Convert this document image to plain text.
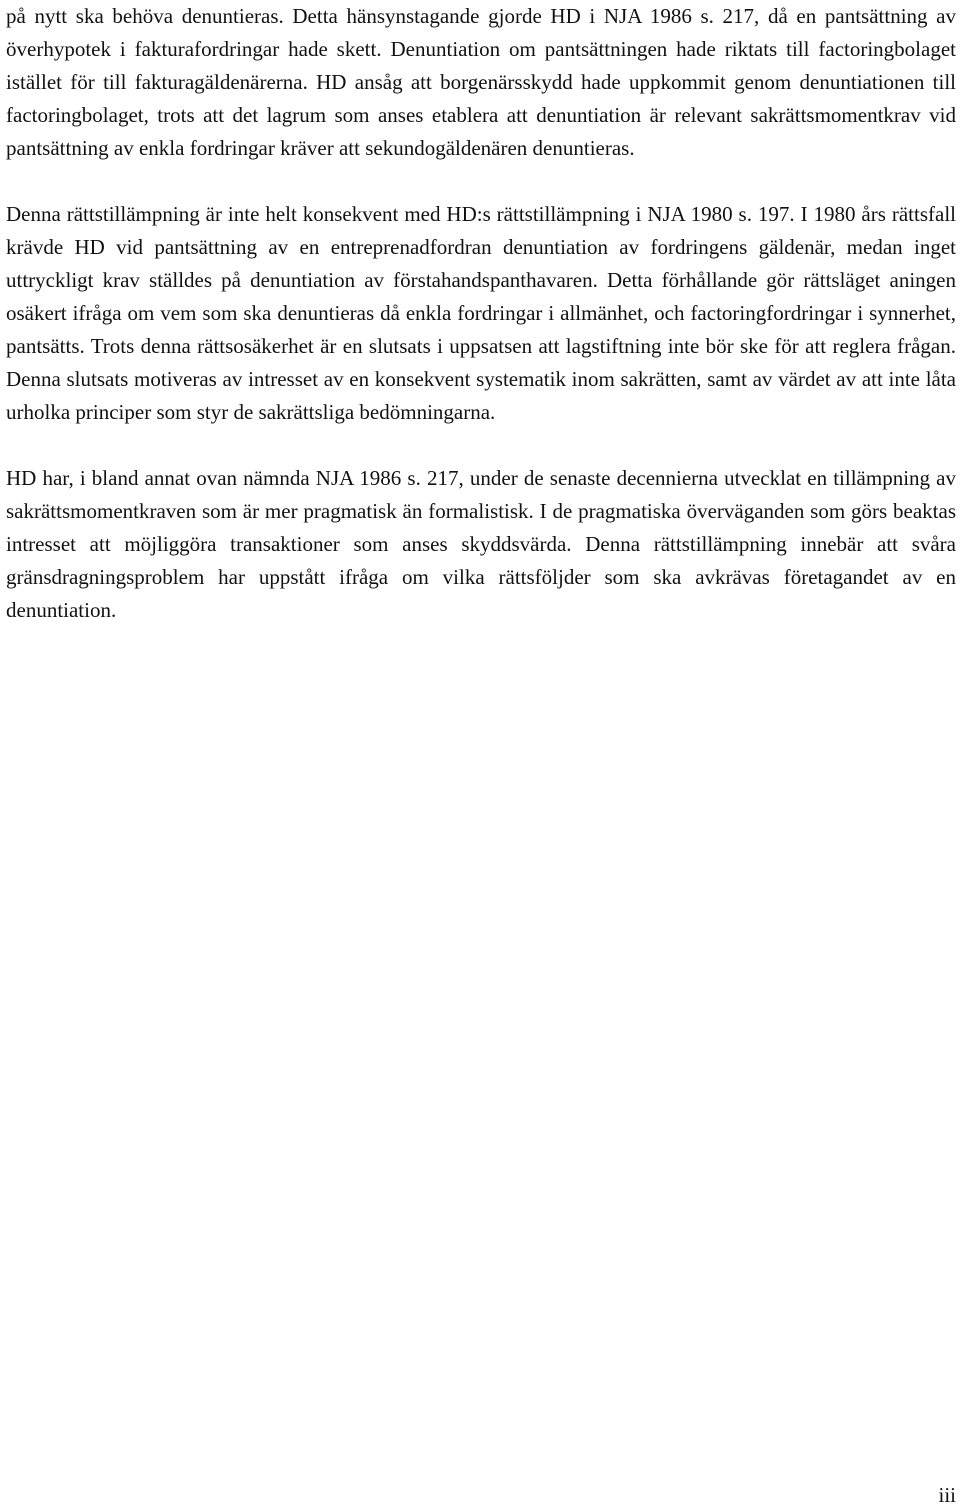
på nytt ska behöva denuntieras. Detta hänsynstagande gjorde HD i NJA 1986 s. 217, då en pantsättning av överhypotek i fakturafordringar hade skett. Denuntiation om pantsättningen hade riktats till factoringbolaget istället för till fakturagäldenärerna. HD ansåg att borgenärsskydd hade uppkommit genom denuntiationen till factoringbolaget, trots att det lagrum som anses etablera att denuntiation är relevant sakrättsmomentkrav vid pantsättning av enkla fordringar kräver att sekundogäldenären denuntieras.

Denna rättstillämpning är inte helt konsekvent med HD:s rättstillämpning i NJA 1980 s. 197. I 1980 års rättsfall krävde HD vid pantsättning av en entreprenadfordran denuntiation av fordringens gäldenär, medan inget uttryckligt krav ställdes på denuntiation av förstahandspanthavaren. Detta förhållande gör rättsläget aningen osäkert ifråga om vem som ska denuntieras då enkla fordringar i allmänhet, och factoringfordringar i synnerhet, pantsätts. Trots denna rättsosäkerhet är en slutsats i uppsatsen att lagstiftning inte bör ske för att reglera frågan. Denna slutsats motiveras av intresset av en konsekvent systematik inom sakrätten, samt av värdet av att inte låta urholka principer som styr de sakrättsliga bedömningarna.

HD har, i bland annat ovan nämnda NJA 1986 s. 217, under de senaste decennierna utvecklat en tillämpning av sakrättsmomentkraven som är mer pragmatisk än formalistisk. I de pragmatiska överväganden som görs beaktas intresset att möjliggöra transaktioner som anses skyddsvärda. Denna rättstillämpning innebär att svåra gränsdragningsproblem har uppstått ifråga om vilka rättsföljder som ska avkrävas företagandet av en denuntiation.

iii
